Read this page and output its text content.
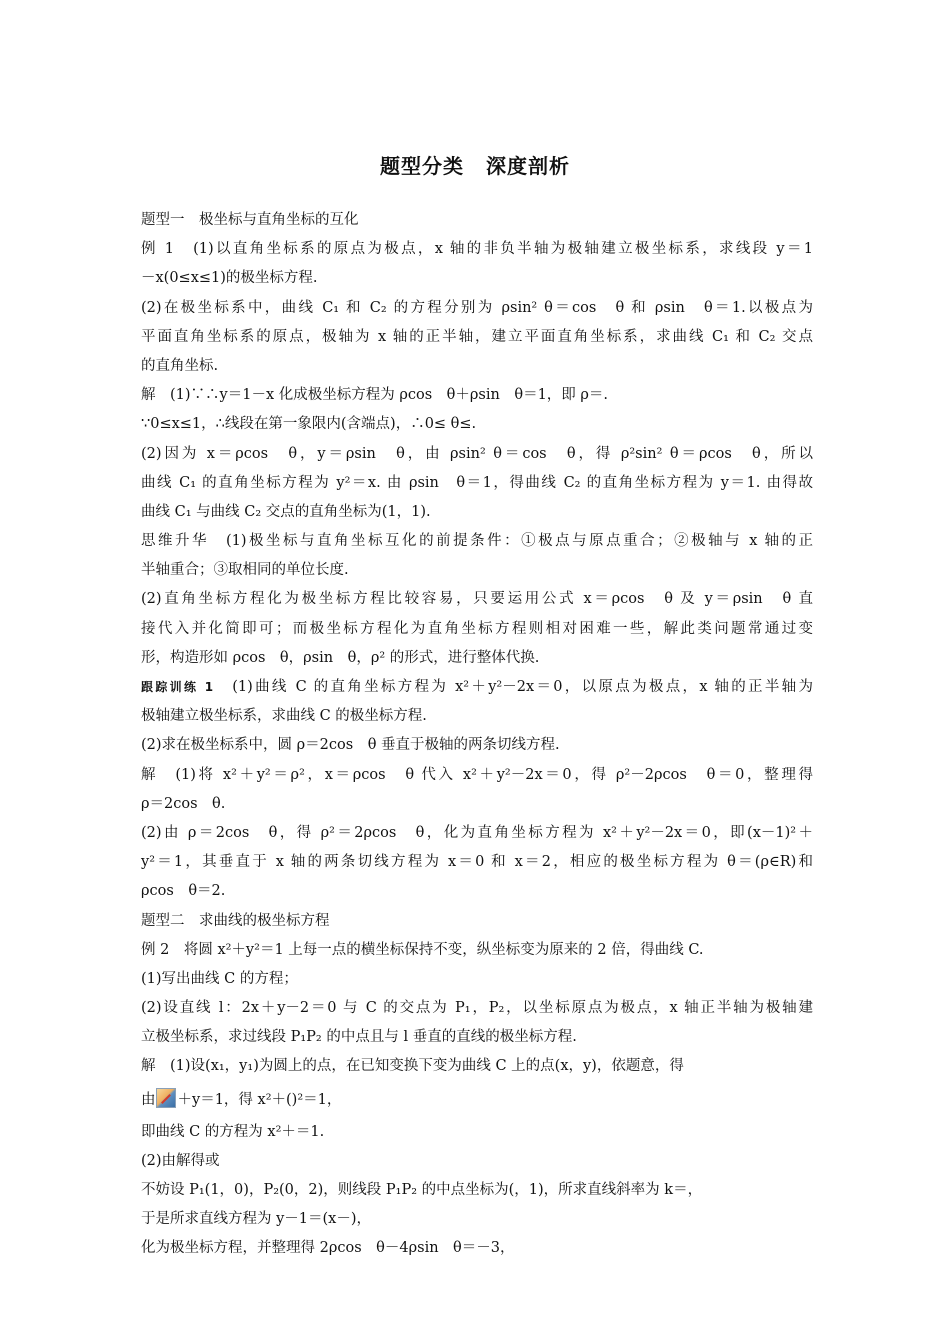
题型分类 深度剖析
题型一　极坐标与直角坐标的互化
例 1　(1)以直角坐标系的原点为极点，x 轴的非负半轴为极轴建立极坐标系，求线段 y＝1
－x(0≤x≤1)的极坐标方程.
(2)在极坐标系中，曲线 C₁ 和 C₂ 的方程分别为 ρsin² θ＝cos　θ 和 ρsin　θ＝1.以极点为
平面直角坐标系的原点，极轴为 x 轴的正半轴，建立平面直角坐标系，求曲线 C₁ 和 C₂ 交点
的直角坐标.
解　(1)∵∴y＝1－x 化成极坐标方程为 ρcos　θ＋ρsin　θ＝1，即 ρ＝.
∵0≤x≤1，∴线段在第一象限内(含端点)，∴0≤ θ≤.
(2)因为 x＝ρcos　θ，y＝ρsin　θ，由 ρsin² θ＝cos　θ，得 ρ²sin² θ＝ρcos　θ，所以
曲线 C₁ 的直角坐标方程为 y²＝x. 由 ρsin　θ＝1，得曲线 C₂ 的直角坐标方程为 y＝1. 由得故
曲线 C₁ 与曲线 C₂ 交点的直角坐标为(1，1).
思维升华　(1)极坐标与直角坐标互化的前提条件：①极点与原点重合；②极轴与 x 轴的正
半轴重合；③取相同的单位长度.
(2)直角坐标方程化为极坐标方程比较容易，只要运用公式 x＝ρcos　θ 及 y＝ρsin　θ 直
接代入并化简即可；而极坐标方程化为直角坐标方程则相对困难一些，解此类问题常通过变
形，构造形如 ρcos　θ，ρsin　θ，ρ² 的形式，进行整体代换.
跟踪训练 1　(1)曲线 C 的直角坐标方程为 x²＋y²－2x＝0，以原点为极点，x 轴的正半轴为
极轴建立极坐标系，求曲线 C 的极坐标方程.
(2)求在极坐标系中，圆 ρ＝2cos　θ 垂直于极轴的两条切线方程.
解　(1)将 x²＋y²＝ρ²，x＝ρcos　θ 代入 x²＋y²－2x＝0，得 ρ²－2ρcos　θ＝0，整理得
ρ＝2cos　θ.
(2)由 ρ＝2cos　θ，得 ρ²＝2ρcos　θ，化为直角坐标方程为 x²＋y²－2x＝0，即(x－1)²＋
y²＝1，其垂直于 x 轴的两条切线方程为 x＝0 和 x＝2，相应的极坐标方程为 θ＝(ρ∈R)和
ρcos　θ＝2.
题型二　求曲线的极坐标方程
例 2　将圆 x²＋y²＝1 上每一点的横坐标保持不变，纵坐标变为原来的 2 倍，得曲线 C.
(1)写出曲线 C 的方程；
(2)设直线 l：2x＋y－2＝0 与 C 的交点为 P₁，P₂，以坐标原点为极点，x 轴正半轴为极轴建
立极坐标系，求过线段 P₁P₂ 的中点且与 l 垂直的直线的极坐标方程.
解　(1)设(x₁，y₁)为圆上的点，在已知变换下变为曲线 C 上的点(x，y)，依题意，得
由 ＋y＝1，得 x²＋()²＝1，
即曲线 C 的方程为 x²＋＝1.
(2)由解得或
不妨设 P₁(1，0)，P₂(0，2)，则线段 P₁P₂ 的中点坐标为(，1)，所求直线斜率为 k＝，
于是所求直线方程为 y－1＝(x－)，
化为极坐标方程，并整理得 2ρcos　θ－4ρsin　θ＝－3，
